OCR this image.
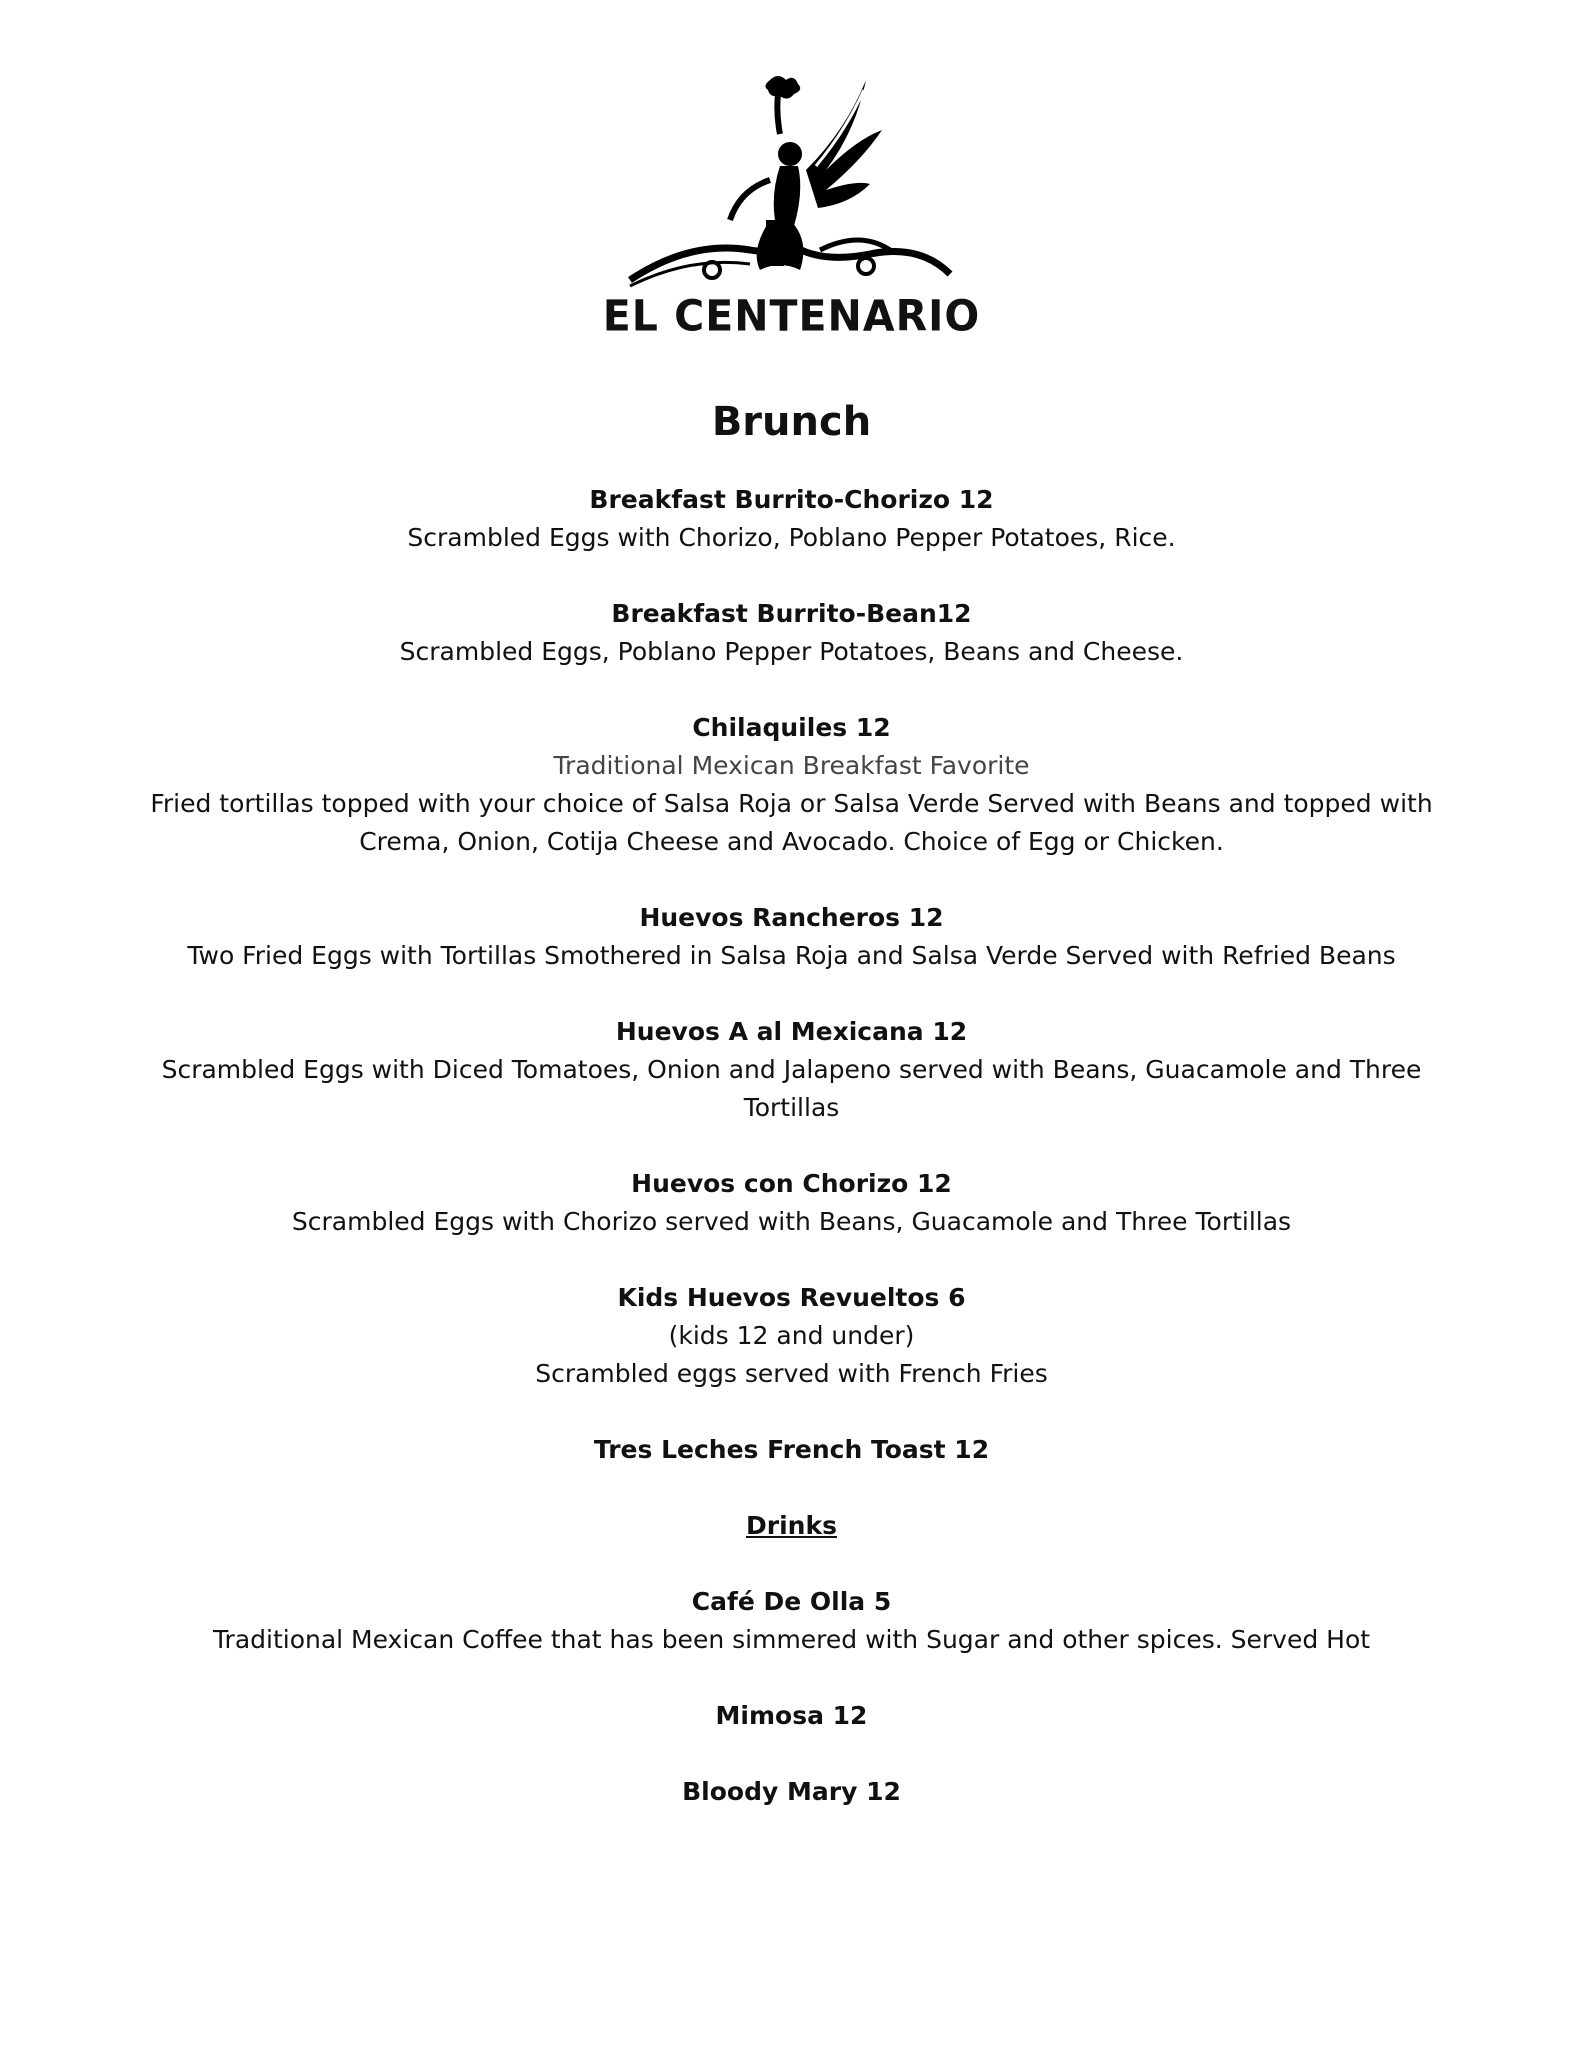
EL CENTENARIO
Brunch
Breakfast Burrito-Chorizo 12
Scrambled Eggs with Chorizo, Poblano Pepper Potatoes, Rice.
Breakfast Burrito-Bean12
Scrambled Eggs, Poblano Pepper Potatoes, Beans and Cheese.
Chilaquiles 12
Traditional Mexican Breakfast Favorite
Fried tortillas topped with your choice of Salsa Roja or Salsa Verde Served with Beans and topped with Crema, Onion, Cotija Cheese and Avocado. Choice of Egg or Chicken.
Huevos Rancheros 12
Two Fried Eggs with Tortillas Smothered in Salsa Roja and Salsa Verde Served with Refried Beans
Huevos A al Mexicana 12
Scrambled Eggs with Diced Tomatoes, Onion and Jalapeno served with Beans, Guacamole and Three Tortillas
Huevos con Chorizo 12
Scrambled Eggs with Chorizo served with Beans, Guacamole and Three Tortillas
Kids Huevos Revueltos 6
(kids 12 and under)
Scrambled eggs served with French Fries
Tres Leches French Toast 12
Drinks
Café De Olla 5
Traditional Mexican Coffee that has been simmered with Sugar and other spices. Served Hot
Mimosa 12
Bloody Mary 12
